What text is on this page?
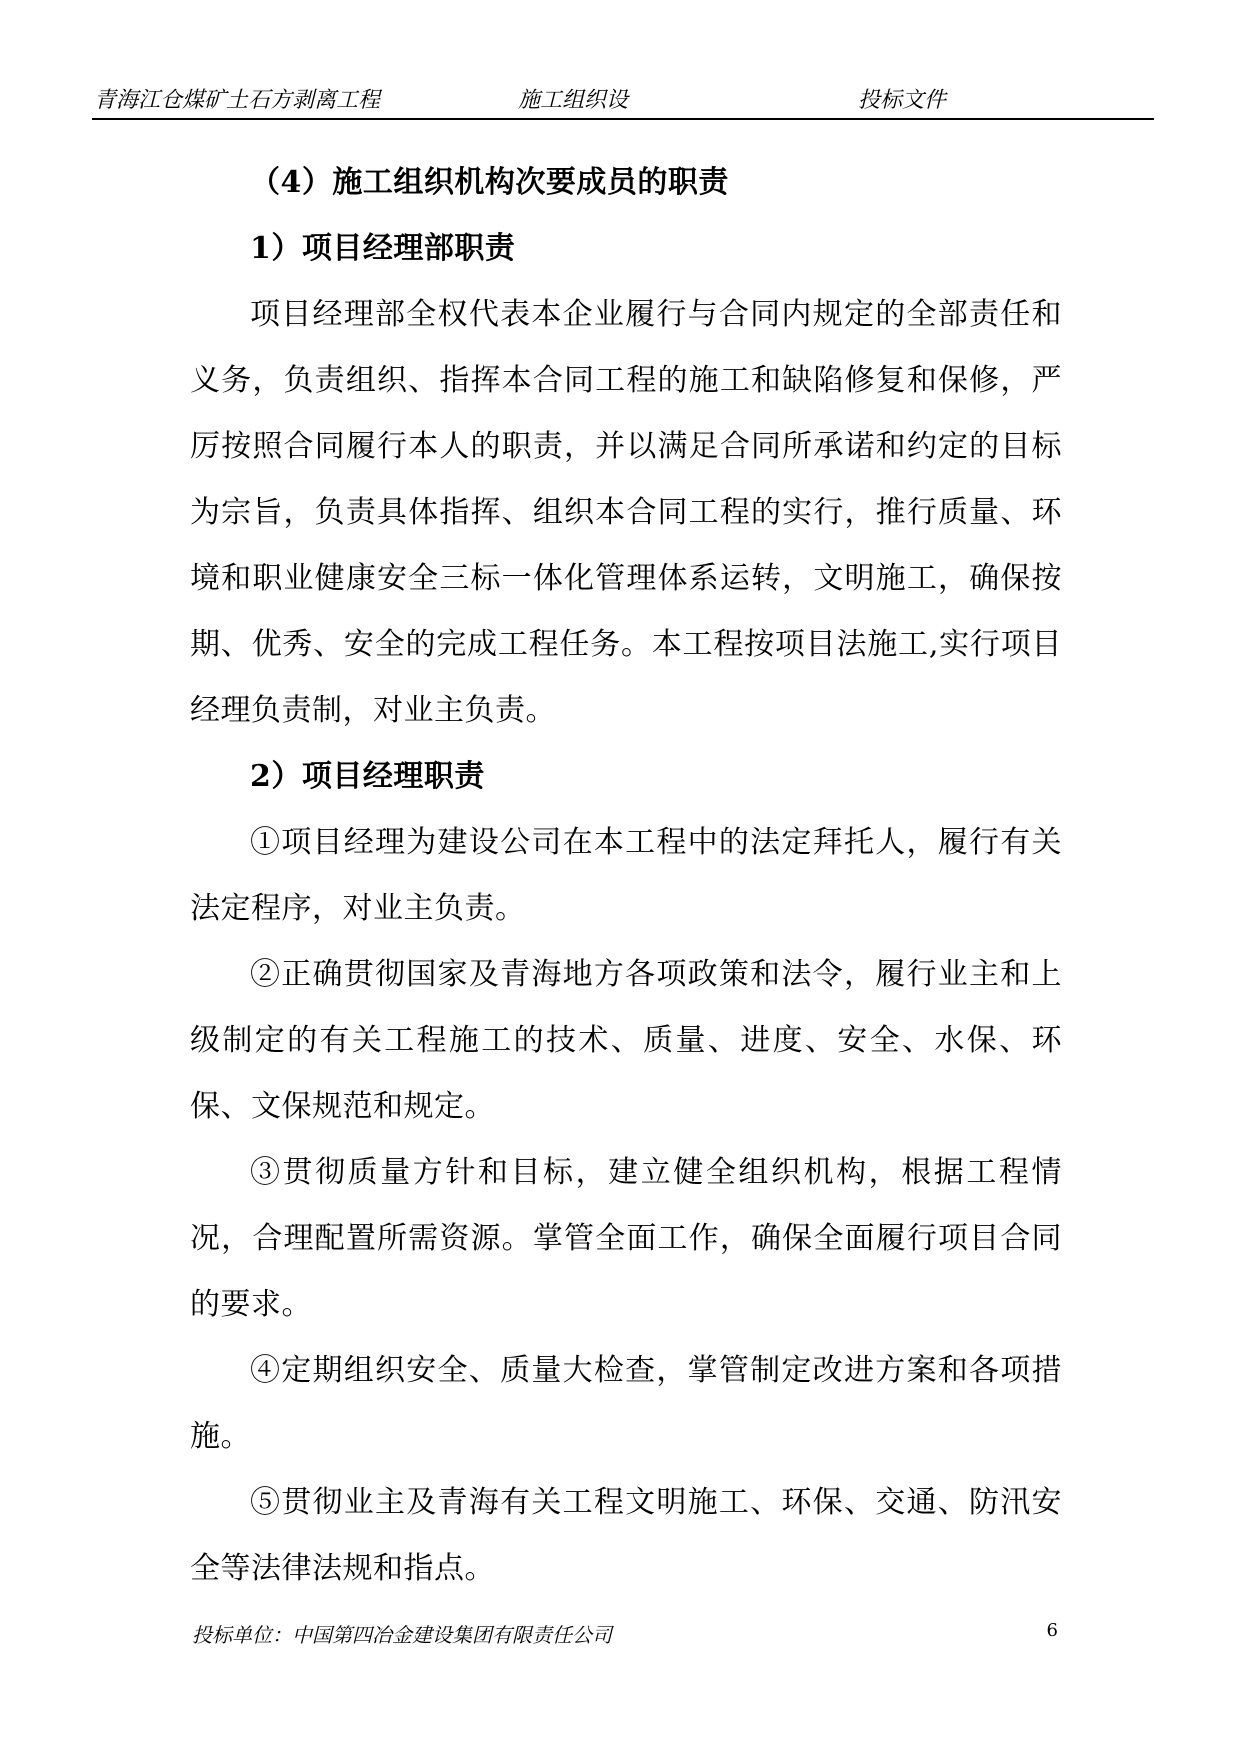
青海江仓煤矿土石方剥离工程	施工组织设	投标文件

（4）施工组织机构次要成员的职责

1）项目经理部职责

项目经理部全权代表本企业履行与合同内规定的全部责任和义务，负责组织、指挥本合同工程的施工和缺陷修复和保修，严厉按照合同履行本人的职责，并以满足合同所承诺和约定的目标为宗旨，负责具体指挥、组织本合同工程的实行，推行质量、环境和职业健康安全三标一体化管理体系运转，文明施工，确保按期、优秀、安全的完成工程任务。本工程按项目法施工,实行项目经理负责制，对业主负责。

2）项目经理职责

①项目经理为建设公司在本工程中的法定拜托人，履行有关法定程序，对业主负责。

②正确贯彻国家及青海地方各项政策和法令，履行业主和上级制定的有关工程施工的技术、质量、进度、安全、水保、环保、文保规范和规定。

③贯彻质量方针和目标，建立健全组织机构，根据工程情况，合理配置所需资源。掌管全面工作，确保全面履行项目合同的要求。

④定期组织安全、质量大检查，掌管制定改进方案和各项措施。

⑤贯彻业主及青海有关工程文明施工、环保、交通、防汛安全等法律法规和指点。

投标单位：中国第四冶金建设集团有限责任公司	6
